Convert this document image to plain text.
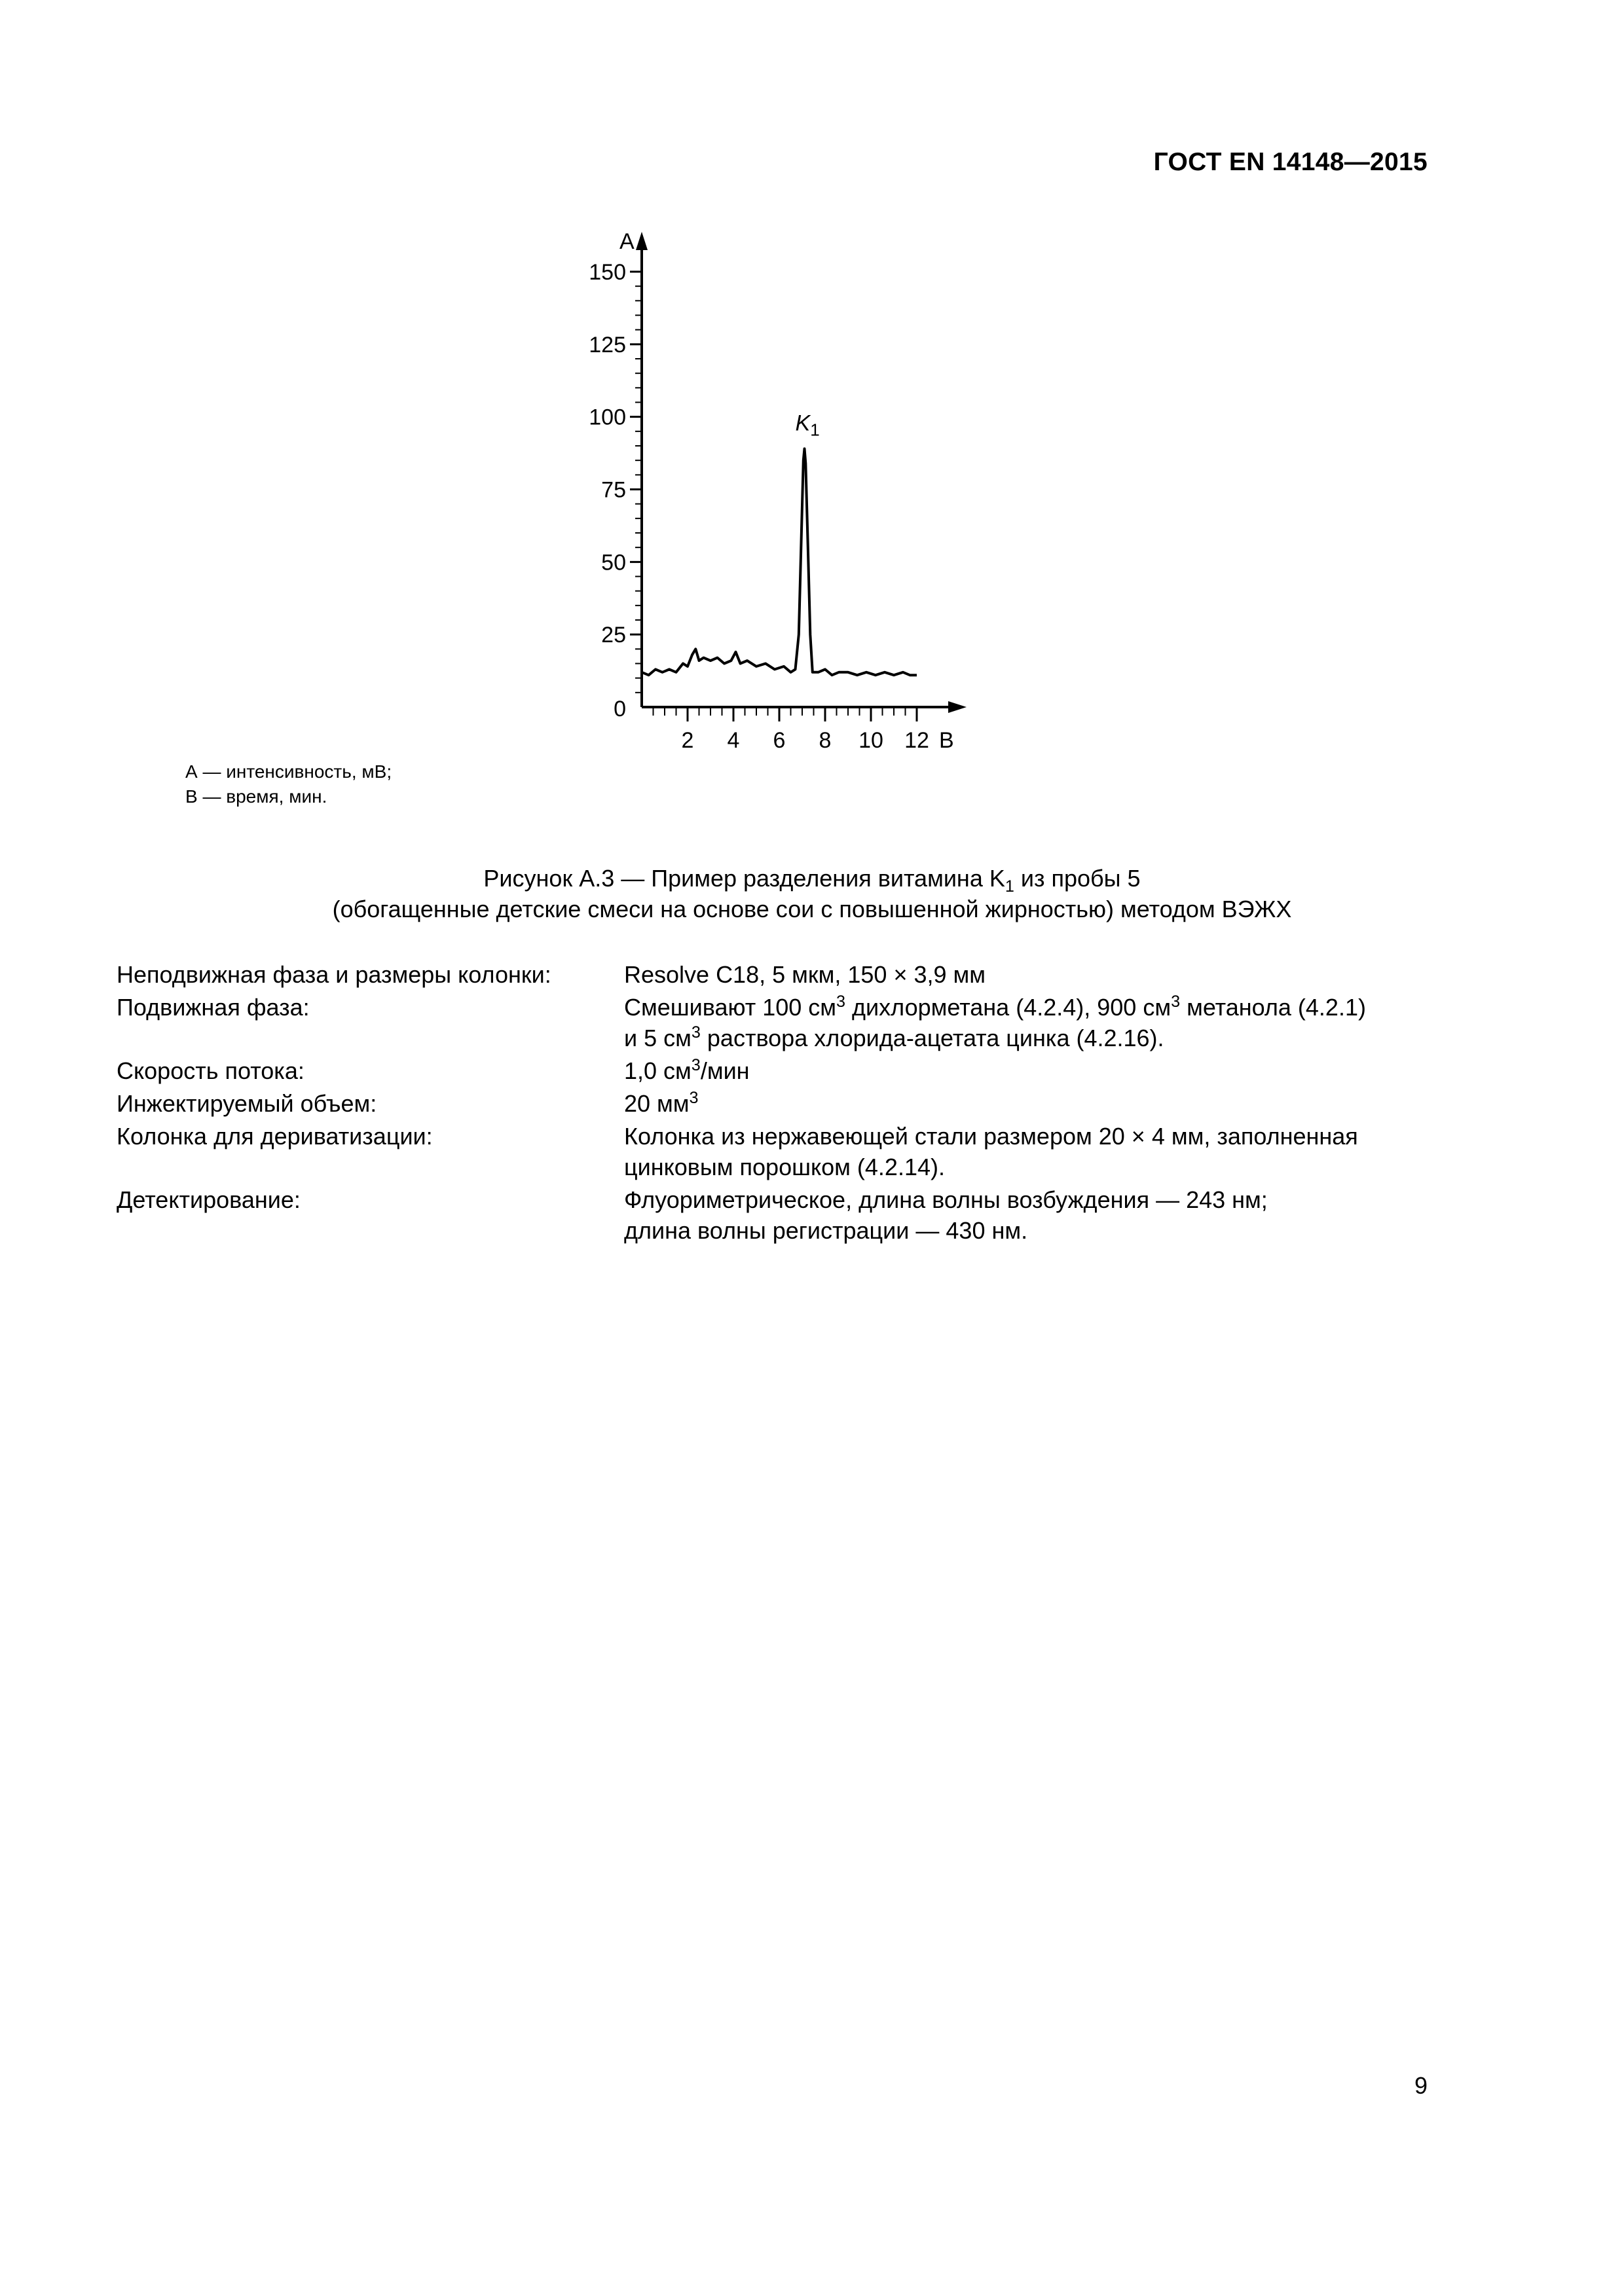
ГОСТ EN 14148—2015
0
25
50
75
100
125
150
2 4 6 8 10 12
А
В
$K_1$
А — интенсивность, мВ;
В — время, мин.
Рисунок А.3 — Пример разделения витамина $K_1$ из пробы 5
(обогащенные детские смеси на основе сои с повышенной жирностью) методом ВЭЖХ
Неподвижная фаза и размеры колонки:	Resolve C18, 5 мкм, 150 × 3,9 мм
Подвижная фаза:	Смешивают 100 $см^3$ дихлорметана (4.2.4), 900 $см^3$ метанола (4.2.1)
и 5 $см^3$ раствора хлорида-ацетата цинка (4.2.16).
Скорость потока:	1,0 $см^3$/мин
Инжектируемый объем:	20 $мм^3$
Колонка для дериватизации:	Колонка из нержавеющей стали размером 20 × 4 мм, заполненная
цинковым порошком (4.2.14).
Детектирование:	Флуориметрическое, длина волны возбуждения — 243 нм;
длина волны регистрации — 430 нм.
9
